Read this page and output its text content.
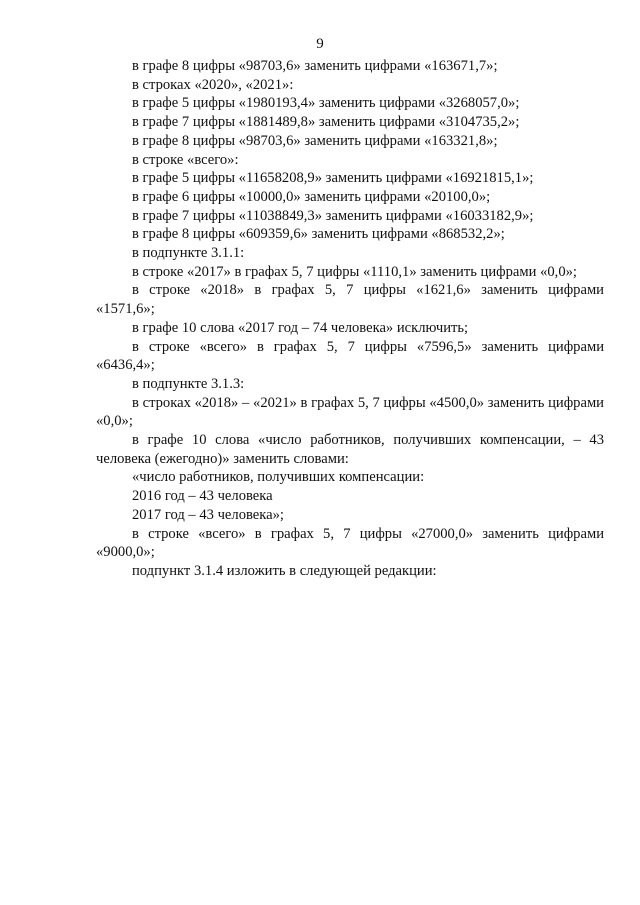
9

в графе 8 цифры «98703,6» заменить цифрами «163671,7»;

в строках «2020», «2021»:

в графе 5 цифры «1980193,4» заменить цифрами «3268057,0»;

в графе 7 цифры «1881489,8» заменить цифрами «3104735,2»;

в графе 8 цифры «98703,6» заменить цифрами «163321,8»;

в строке «всего»:

в графе 5 цифры «11658208,9» заменить цифрами «16921815,1»;

в графе 6 цифры «10000,0» заменить цифрами «20100,0»;

в графе 7 цифры «11038849,3» заменить цифрами «16033182,9»;

в графе 8 цифры «609359,6» заменить цифрами «868532,2»;

в подпункте 3.1.1:

в строке «2017» в графах 5, 7 цифры «1110,1» заменить цифрами «0,0»;

в строке «2018» в графах 5, 7 цифры «1621,6» заменить цифрами «1571,6»;

в графе 10 слова «2017 год – 74 человека» исключить;

в строке «всего» в графах 5, 7 цифры «7596,5» заменить цифрами «6436,4»;

в подпункте 3.1.3:

в строках «2018» – «2021» в графах 5, 7 цифры «4500,0» заменить цифрами «0,0»;

в графе 10 слова «число работников, получивших компенсации, – 43 человека (ежегодно)» заменить словами:

«число работников, получивших компенсации:

2016 год – 43 человека

2017 год – 43 человека»;

в строке «всего» в графах 5, 7 цифры «27000,0» заменить цифрами «9000,0»;

подпункт 3.1.4 изложить в следующей редакции:
